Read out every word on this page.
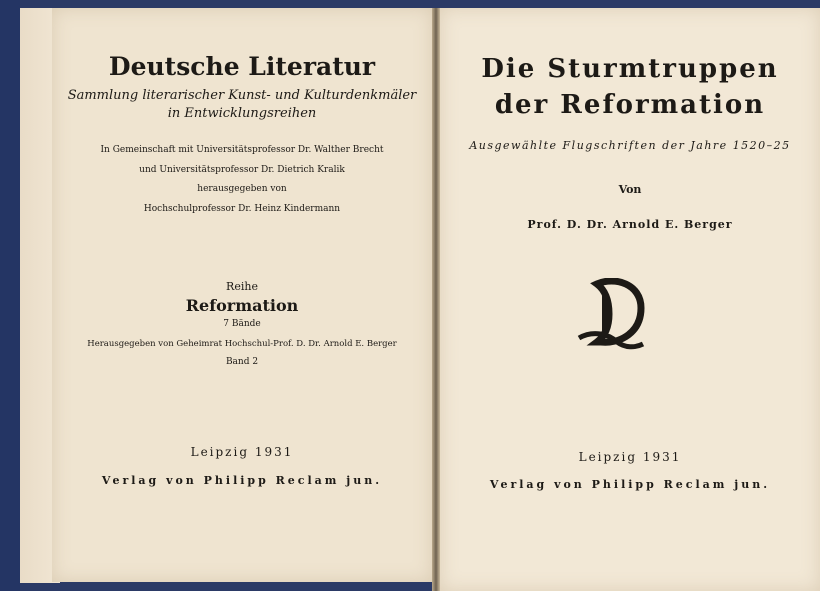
Deutsche Literatur
Sammlung literarischer Kunst- und Kulturdenkmäler
in Entwicklungsreihen
In Gemeinschaft mit Universitätsprofessor Dr. Walther Brecht
und Universitätsprofessor Dr. Dietrich Kralik
herausgegeben von
Hochschulprofessor Dr. Heinz Kindermann
Reihe
Reformation
7 Bände
Herausgegeben von Geheimrat Hochschul-Prof. D. Dr. Arnold E. Berger
Band 2
Leipzig 1931
Verlag von Philipp Reclam jun.
Die Sturmtruppen
der Reformation
Ausgewählte Flugschriften der Jahre 1520–25
Von
Prof. D. Dr. Arnold E. Berger
Leipzig 1931
Verlag von Philipp Reclam jun.
